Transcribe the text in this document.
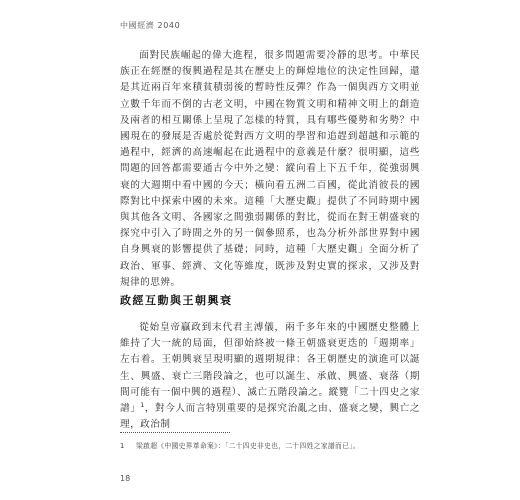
中國經濟 2040

面對民族崛起的偉大進程，很多問題需要冷靜的思考。中華民族正在經歷的復興過程是其在歷史上的輝煌地位的決定性回歸，還是其近兩百年來積貧積弱後的暫時性反彈？作為一個與西方文明並立數千年而不倒的古老文明，中國在物質文明和精神文明上的創造及兩者的相互關係上呈現了怎樣的特質，具有哪些優勢和劣勢？中國現在的發展是否處於從對西方文明的學習和追趕到超越和示範的過程中，經濟的高速崛起在此過程中的意義是什麼？很明顯，這些問題的回答都需要通古今中外之變：縱向看上下五千年，從強弱興衰的大週期中看中國的今天；橫向看五洲二百國，從此消彼長的國際對比中探索中國的未來。這種「大歷史觀」提供了不同時期中國與其他各文明、各國家之間強弱關係的對比，從而在對王朝盛衰的探究中引入了時間之外的另一個參照系，也為分析外部世界對中國自身興衰的影響提供了基礎；同時，這種「大歷史觀」全面分析了政治、軍事、經濟、文化等維度，既涉及對史實的探求，又涉及對規律的思辨。

政經互動與王朝興衰

從始皇帝贏政到末代君主溥儀，兩千多年來的中國歷史整體上維持了大一統的局面，但卻始終被一條王朝盛衰更迭的「週期率」左右着。王朝興衰呈現明顯的週期規律：各王朝歷史的演進可以誕生、興盛、衰亡三階段論之，也可以誕生、承啟、興盛、衰落（期間可能有一個中興的過程）、滅亡五階段論之。縱覽「二十四史之家譜」$^1$，對今人而言特別重要的是探究治亂之由、盛衰之變，興亡之理，政治制

1 梁啟超《中國史界革命案》：「二十四史非史也，二十四姓之家譜而已」。
18
